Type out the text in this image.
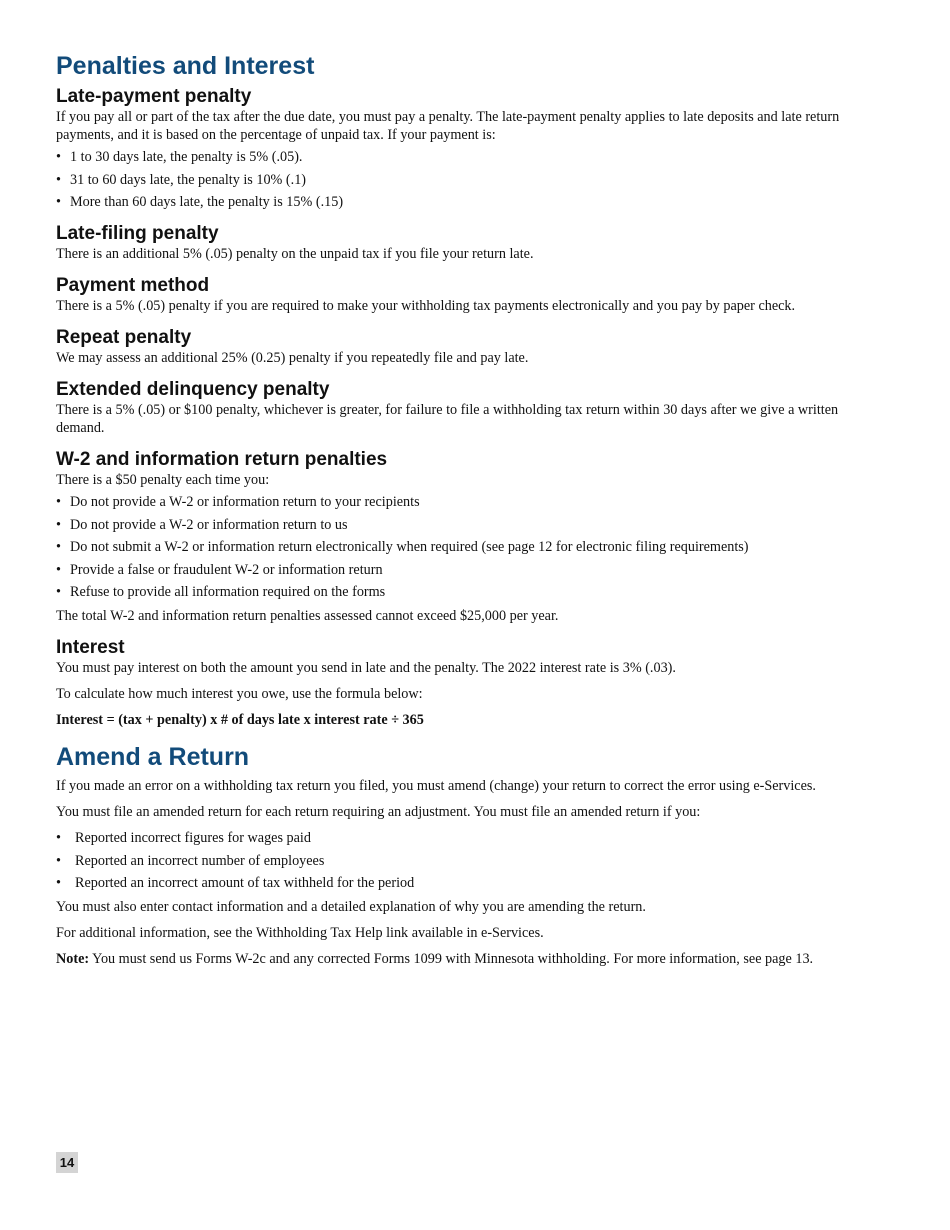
Penalties and Interest
Late-payment penalty

If you pay all or part of the tax after the due date, you must pay a penalty. The late-payment penalty applies to late deposits and late return payments, and it is based on the percentage of unpaid tax. If your payment is:

• 1 to 30 days late, the penalty is 5% (.05).
• 31 to 60 days late, the penalty is 10% (.1)
• More than 60 days late, the penalty is 15% (.15)
Late-filing penalty

There is an additional 5% (.05) penalty on the unpaid tax if you file your return late.

Payment method

There is a 5% (.05) penalty if you are required to make your withholding tax payments electronically and you pay by paper check.

Repeat penalty

We may assess an additional 25% (0.25) penalty if you repeatedly file and pay late.

Extended delinquency penalty

There is a 5% (.05) or $100 penalty, whichever is greater, for failure to file a withholding tax return within 30 days after we give a written demand.

W-2 and information return penalties

There is a $50 penalty each time you:

• Do not provide a W-2 or information return to your recipients
• Do not provide a W-2 or information return to us
• Do not submit a W-2 or information return electronically when required (see page 12 for electronic filing requirements)
• Provide a false or fraudulent W-2 or information return
• Refuse to provide all information required on the forms

The total W-2 and information return penalties assessed cannot exceed $25,000 per year.

Interest

You must pay interest on both the amount you send in late and the penalty. The 2022 interest rate is 3% (.03).

To calculate how much interest you owe, use the formula below:

Interest = (tax + penalty) x # of days late x interest rate ÷ 365

Amend a Return

If you made an error on a withholding tax return you filed, you must amend (change) your return to correct the error using e-Services.

You must file an amended return for each return requiring an adjustment. You must file an amended return if you:

• Reported incorrect figures for wages paid
• Reported an incorrect number of employees
• Reported an incorrect amount of tax withheld for the period

You must also enter contact information and a detailed explanation of why you are amending the return.

For additional information, see the Withholding Tax Help link available in e-Services.

Note: You must send us Forms W-2c and any corrected Forms 1099 with Minnesota withholding. For more information, see page 13.

14
